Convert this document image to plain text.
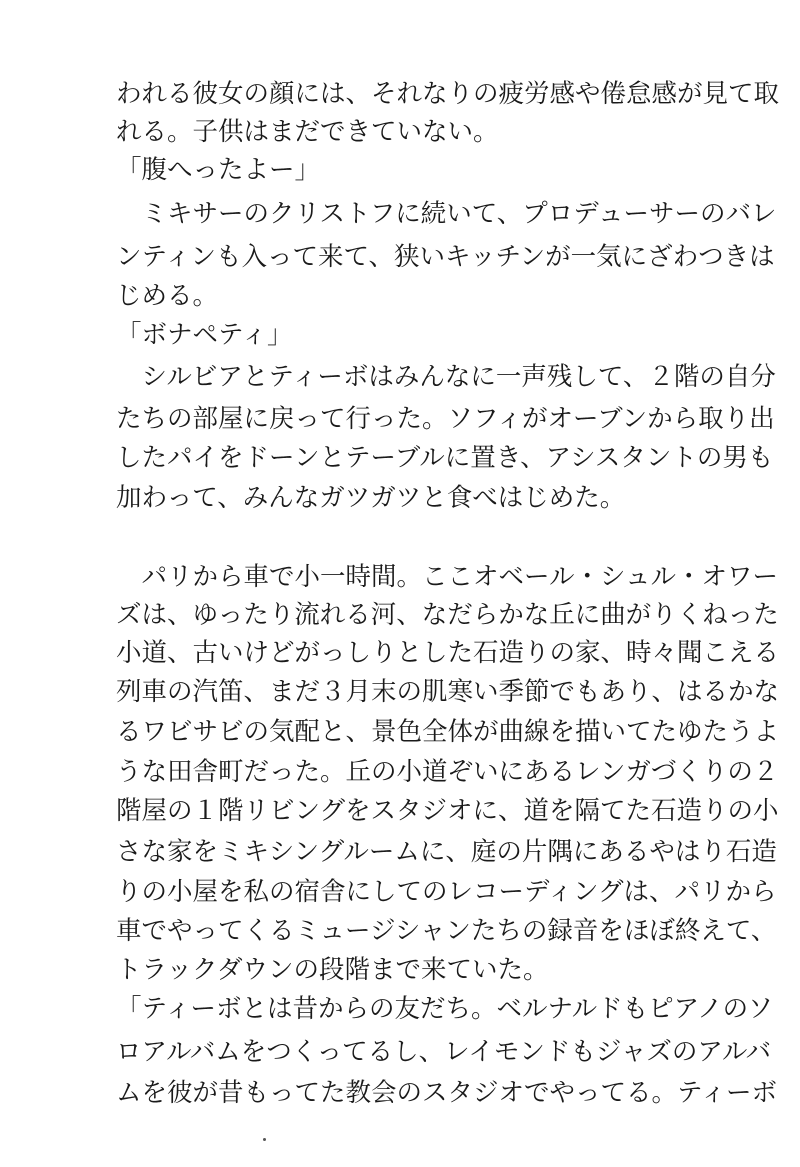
われる彼女の顔には、それなりの疲労感や倦怠感が見て取
れる。子供はまだできていない。
「腹へったよー」
　ミキサーのクリストフに続いて、プロデューサーのバレ
ンティンも入って来て、狭いキッチンが一気にざわつきは
じめる。
「ボナペティ」
　シルビアとティーボはみんなに一声残して、２階の自分
たちの部屋に戻って行った。ソフィがオーブンから取り出
したパイをドーンとテーブルに置き、アシスタントの男も
加わって、みんなガツガツと食べはじめた。
　パリから車で小一時間。ここオベール・シュル・オワー
ズは、ゆったり流れる河、なだらかな丘に曲がりくねった
小道、古いけどがっしりとした石造りの家、時々聞こえる
列車の汽笛、まだ３月末の肌寒い季節でもあり、はるかな
るワビサビの気配と、景色全体が曲線を描いてたゆたうよ
うな田舎町だった。丘の小道ぞいにあるレンガづくりの２
階屋の１階リビングをスタジオに、道を隔てた石造りの小
さな家をミキシングルームに、庭の片隅にあるやはり石造
りの小屋を私の宿舎にしてのレコーディングは、パリから
車でやってくるミュージシャンたちの録音をほぼ終えて、
トラックダウンの段階まで来ていた。
「ティーボとは昔からの友だち。ベルナルドもピアノのソ
ロアルバムをつくってるし、レイモンドもジャズのアルバ
ムを彼が昔もってた教会のスタジオでやってる。ティーボ
